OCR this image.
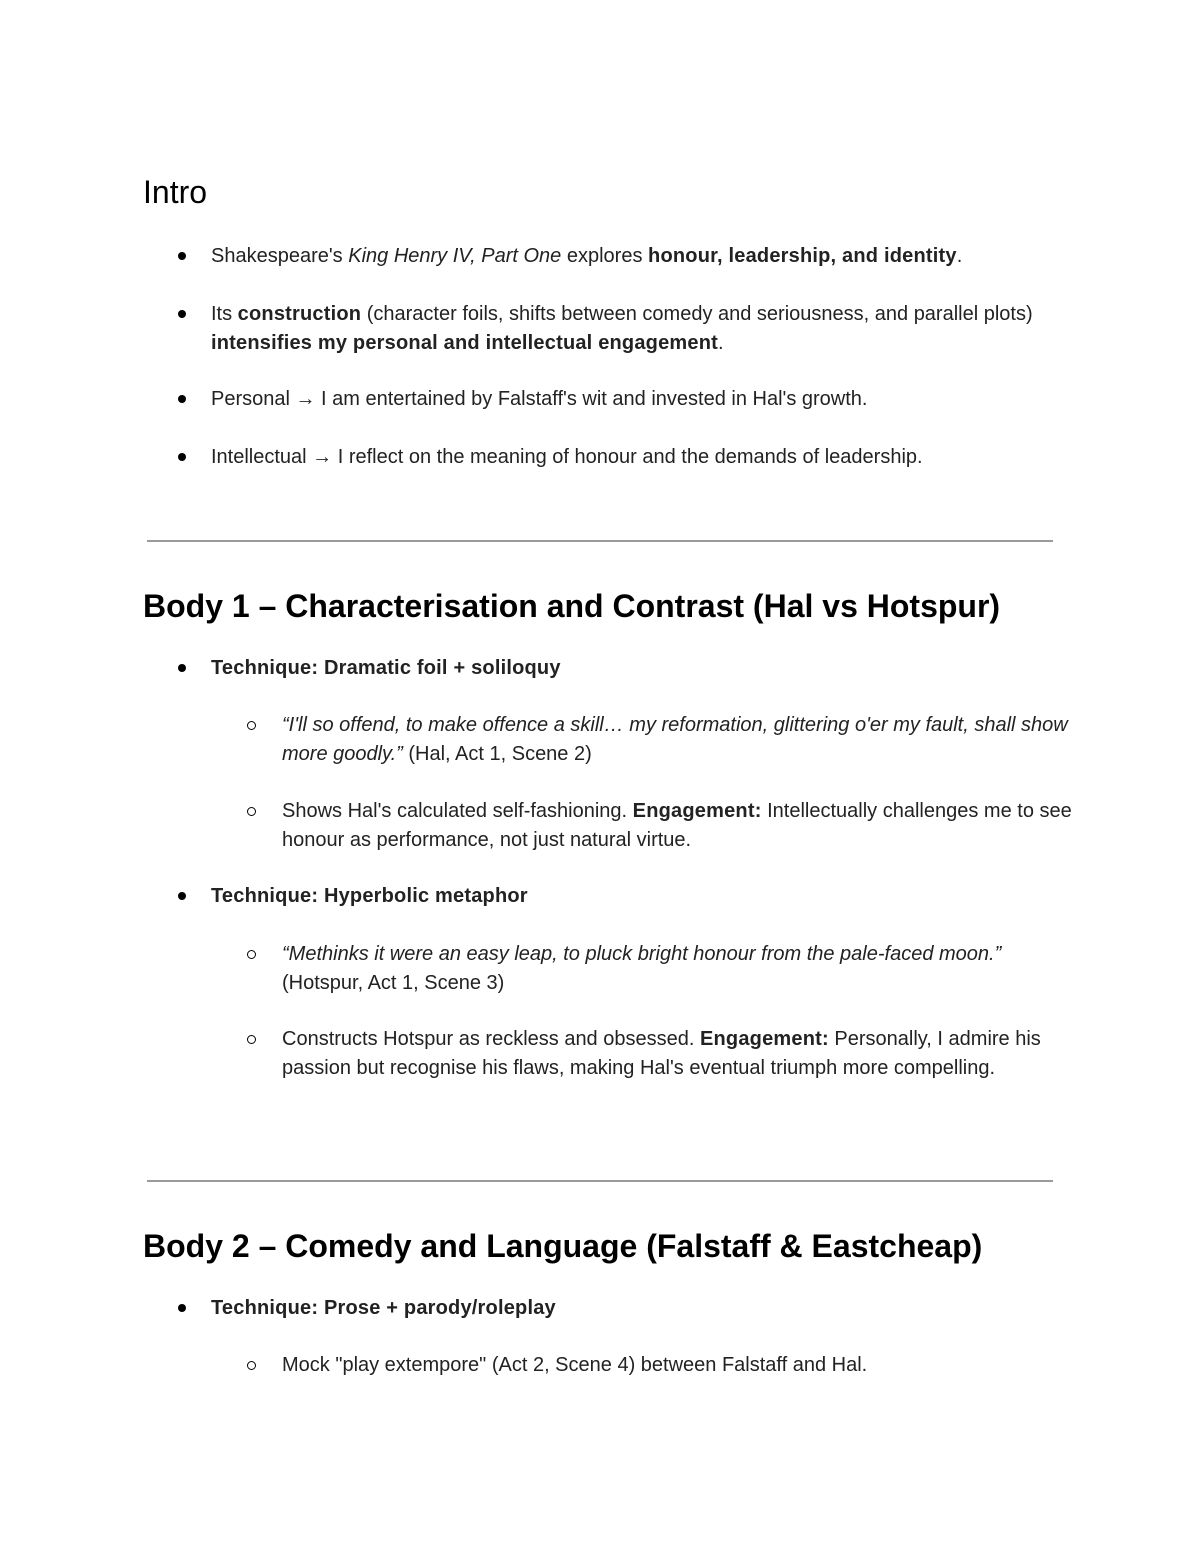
Intro
Shakespeare's King Henry IV, Part One explores honour, leadership, and identity.
Its construction (character foils, shifts between comedy and seriousness, and parallel plots) intensifies my personal and intellectual engagement.
Personal → I am entertained by Falstaff's wit and invested in Hal's growth.
Intellectual → I reflect on the meaning of honour and the demands of leadership.
Body 1 – Characterisation and Contrast (Hal vs Hotspur)
Technique: Dramatic foil + soliloquy
“I'll so offend, to make offence a skill… my reformation, glittering o'er my fault, shall show more goodly.” (Hal, Act 1, Scene 2)
Shows Hal's calculated self-fashioning. Engagement: Intellectually challenges me to see honour as performance, not just natural virtue.
Technique: Hyperbolic metaphor
“Methinks it were an easy leap, to pluck bright honour from the pale-faced moon.” (Hotspur, Act 1, Scene 3)
Constructs Hotspur as reckless and obsessed. Engagement: Personally, I admire his passion but recognise his flaws, making Hal's eventual triumph more compelling.
Body 2 – Comedy and Language (Falstaff & Eastcheap)
Technique: Prose + parody/roleplay
Mock "play extempore" (Act 2, Scene 4) between Falstaff and Hal.
